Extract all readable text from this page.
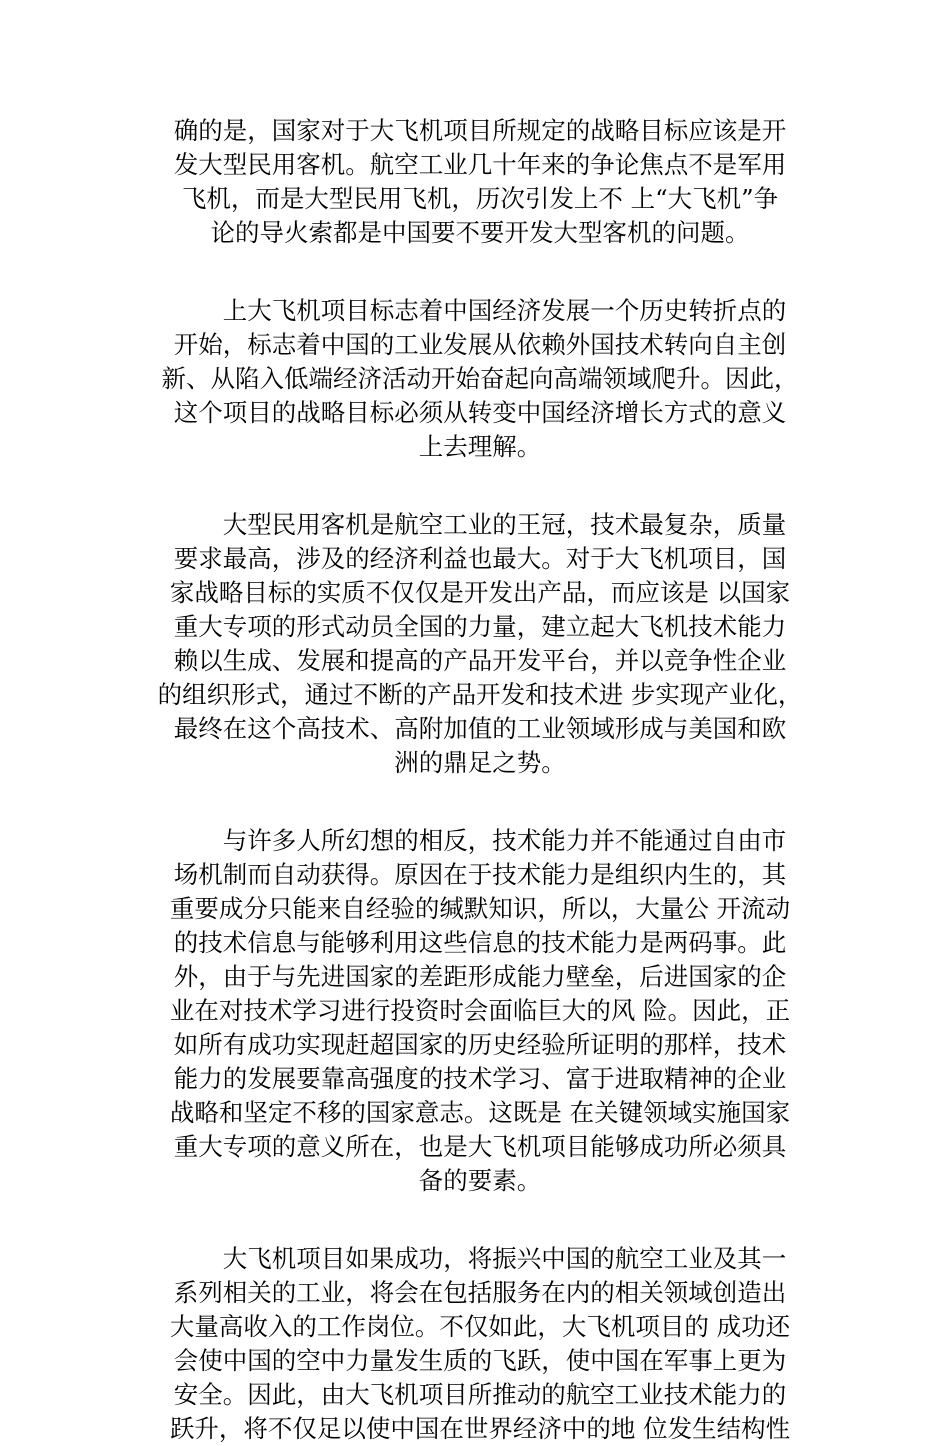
确的是，国家对于大飞机项目所规定的战略目标应该是开
发大型民用客机。航空工业几十年来的争论焦点不是军用
飞机，而是大型民用飞机，历次引发上不 上“大飞机”争
论的导火索都是中国要不要开发大型客机的问题。
　　上大飞机项目标志着中国经济发展一个历史转折点的
开始，标志着中国的工业发展从依赖外国技术转向自主创
新、从陷入低端经济活动开始奋起向高端领域爬升。因此，
这个项目的战略目标必须从转变中国经济增长方式的意义
上去理解。
　　大型民用客机是航空工业的王冠，技术最复杂，质量
要求最高，涉及的经济利益也最大。对于大飞机项目，国
家战略目标的实质不仅仅是开发出产品，而应该是 以国家
重大专项的形式动员全国的力量，建立起大飞机技术能力
赖以生成、发展和提高的产品开发平台，并以竞争性企业
的组织形式，通过不断的产品开发和技术进 步实现产业化，
最终在这个高技术、高附加值的工业领域形成与美国和欧
洲的鼎足之势。
　　与许多人所幻想的相反，技术能力并不能通过自由市
场机制而自动获得。原因在于技术能力是组织内生的，其
重要成分只能来自经验的缄默知识，所以，大量公 开流动
的技术信息与能够利用这些信息的技术能力是两码事。此
外，由于与先进国家的差距形成能力壁垒，后进国家的企
业在对技术学习进行投资时会面临巨大的风 险。因此，正
如所有成功实现赶超国家的历史经验所证明的那样，技术
能力的发展要靠高强度的技术学习、富于进取精神的企业
战略和坚定不移的国家意志。这既是 在关键领域实施国家
重大专项的意义所在，也是大飞机项目能够成功所必须具
备的要素。
　　大飞机项目如果成功，将振兴中国的航空工业及其一
系列相关的工业，将会在包括服务在内的相关领域创造出
大量高收入的工作岗位。不仅如此，大飞机项目的 成功还
会使中国的空中力量发生质的飞跃，使中国在军事上更为
安全。因此，由大飞机项目所推动的航空工业技术能力的
跃升，将不仅足以使中国在世界经济中的地 位发生结构性
